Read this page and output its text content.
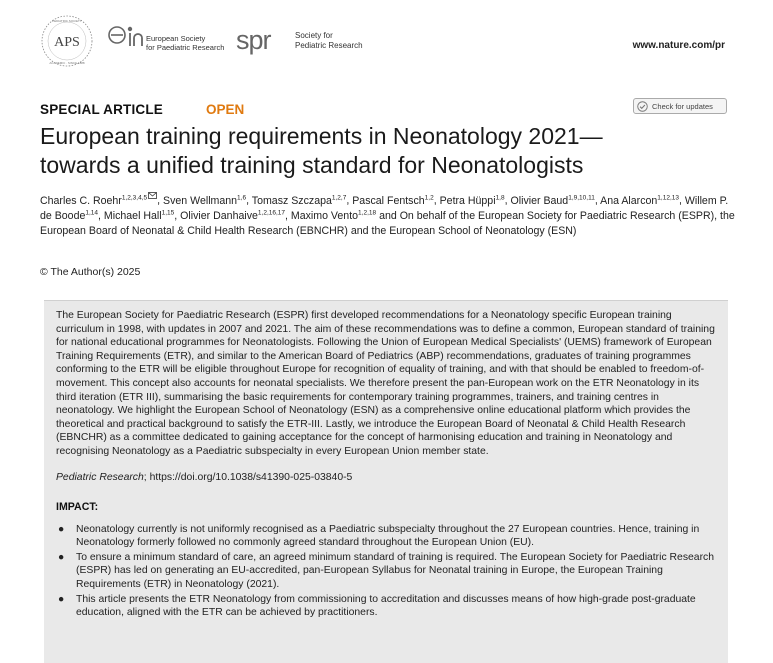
APS
PEDIATRIC SOCIETY
ACADEMIC · SINCE 1888
European Society
for Paediatric Research spr	Society for
Pediatric Research	www.nature.com/pr
SPECIAL ARTICLE	OPEN	Check for updates
European training requirements in Neonatology 2021—
towards a unified training standard for Neonatologists
Charles C. Roehr$^{1,2,3,4,5}$ , Sven Wellmann$^{1,6}$, Tomasz Szczapa$^{1,2,7}$, Pascal Fentsch$^{1,2}$, Petra Hüppi$^{1,8}$, Olivier Baud$^{1,9,10,11}$, Ana Alarcon$^{1,12,13}$, Willem P. de Boode$^{1,14}$, Michael Hall$^{1,15}$, Olivier Danhaive$^{1,2,16,17}$, Maximo Vento$^{1,2,18}$ and On behalf of the European Society for Paediatric Research (ESPR), the European Board of Neonatal & Child Health Research (EBNCHR) and the European School of Neonatology (ESN)
© The Author(s) 2025

The European Society for Paediatric Research (ESPR) first developed recommendations for a Neonatology specific European training curriculum in 1998, with updates in 2007 and 2021. The aim of these recommendations was to define a common, European standard of training for national educational programmes for Neonatologists. Following the Union of European Medical Specialists' (UEMS) framework of European Training Requirements (ETR), and similar to the American Board of Pediatrics (ABP) recommendations, graduates of training programmes conforming to the ETR will be eligible throughout Europe for recognition of equality of training, and with that should be enabled to freedom-of-movement. This concept also accounts for neonatal specialists. We therefore present the pan-European work on the ETR Neonatology in its third iteration (ETR III), summarising the basic requirements for contemporary training programmes, trainers, and training centres in neonatology. We highlight the European School of Neonatology (ESN) as a comprehensive online educational platform which provides the theoretical and practical background to satisfy the ETR-III. Lastly, we introduce the European Board of Neonatal & Child Health Research (EBNCHR) as a committee dedicated to gaining acceptance for the concept of harmonising education and training in Neonatology and recognising Neonatology as a Paediatric subspecialty in every European Union member state.

Pediatric Research; https://doi.org/10.1038/s41390-025-03840-5
IMPACT:
● Neonatology currently is not uniformly recognised as a Paediatric subspecialty throughout the 27 European countries. Hence, training in Neonatology formerly followed no commonly agreed standard throughout the European Union (EU).
● To ensure a minimum standard of care, an agreed minimum standard of training is required. The European Society for Paediatric Research (ESPR) has led on generating an EU-accredited, pan-European Syllabus for Neonatal training in Europe, the European Training Requirements (ETR) in Neonatology (2021).
● This article presents the ETR Neonatology from commissioning to accreditation and discusses means of how high-grade post-graduate education, aligned with the ETR can be achieved by practitioners.
